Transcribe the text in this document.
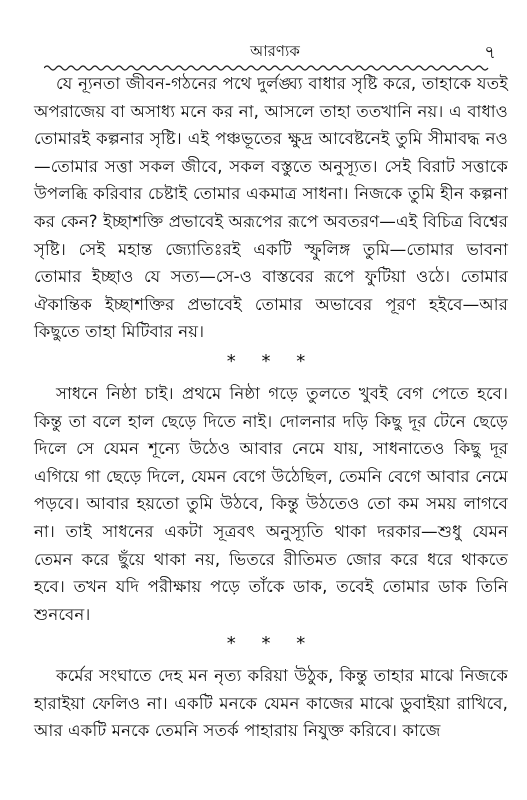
আরণ্যক	৭

যে ন্যূনতা জীবন-গঠনের পথে দুর্লঙ্ঘ্য বাধার সৃষ্টি করে, তাহাকে যতই অপরাজেয় বা অসাধ্য মনে কর না, আসলে তাহা ততখানি নয়। এ বাধাও তোমারই কল্পনার সৃষ্টি। এই পঞ্চভূতের ক্ষুদ্র আবেষ্টনেই তুমি সীমাবদ্ধ নও—তোমার সত্তা সকল জীবে, সকল বস্তুতে অনুস্যূত। সেই বিরাট সত্তাকে উপলব্ধি করিবার চেষ্টাই তোমার একমাত্র সাধনা। নিজকে তুমি হীন কল্পনা কর কেন? ইচ্ছাশক্তি প্রভাবেই অরূপের রূপে অবতরণ—এই বিচিত্র বিশ্বের সৃষ্টি। সেই মহান্ত জ্যোতিঃরই একটি স্ফুলিঙ্গ তুমি—তোমার ভাবনা তোমার ইচ্ছাও যে সত্য—সে-ও বাস্তবের রূপে ফুটিয়া ওঠে। তোমার ঐকান্তিক ইচ্ছাশক্তির প্রভাবেই তোমার অভাবের পূরণ হইবে—আর কিছুতে তাহা মিটিবার নয়।

* * *

সাধনে নিষ্ঠা চাই। প্রথমে নিষ্ঠা গড়ে তুলতে খুবই বেগ পেতে হবে। কিন্তু তা বলে হাল ছেড়ে দিতে নাই। দোলনার দড়ি কিছু দূর টেনে ছেড়ে দিলে সে যেমন শূন্যে উঠেও আবার নেমে যায়, সাধনাতেও কিছু দূর এগিয়ে গা ছেড়ে দিলে, যেমন বেগে উঠেছিল, তেমনি বেগে আবার নেমে পড়বে। আবার হয়তো তুমি উঠবে, কিন্তু উঠতেও তো কম সময় লাগবে না। তাই সাধনের একটা সূত্রবৎ অনুস্যূতি থাকা দরকার—শুধু যেমন তেমন করে ছুঁয়ে থাকা নয়, ভিতরে রীতিমত জোর করে ধরে থাকতে হবে। তখন যদি পরীক্ষায় পড়ে তাঁকে ডাক, তবেই তোমার ডাক তিনি শুনবেন।

* * *

কর্মের সংঘাতে দেহ মন নৃত্য করিয়া উঠুক, কিন্তু তাহার মাঝে নিজকে হারাইয়া ফেলিও না। একটি মনকে যেমন কাজের মাঝে ডুবাইয়া রাখিবে, আর একটি মনকে তেমনি সতর্ক পাহারায় নিযুক্ত করিবে। কাজে
